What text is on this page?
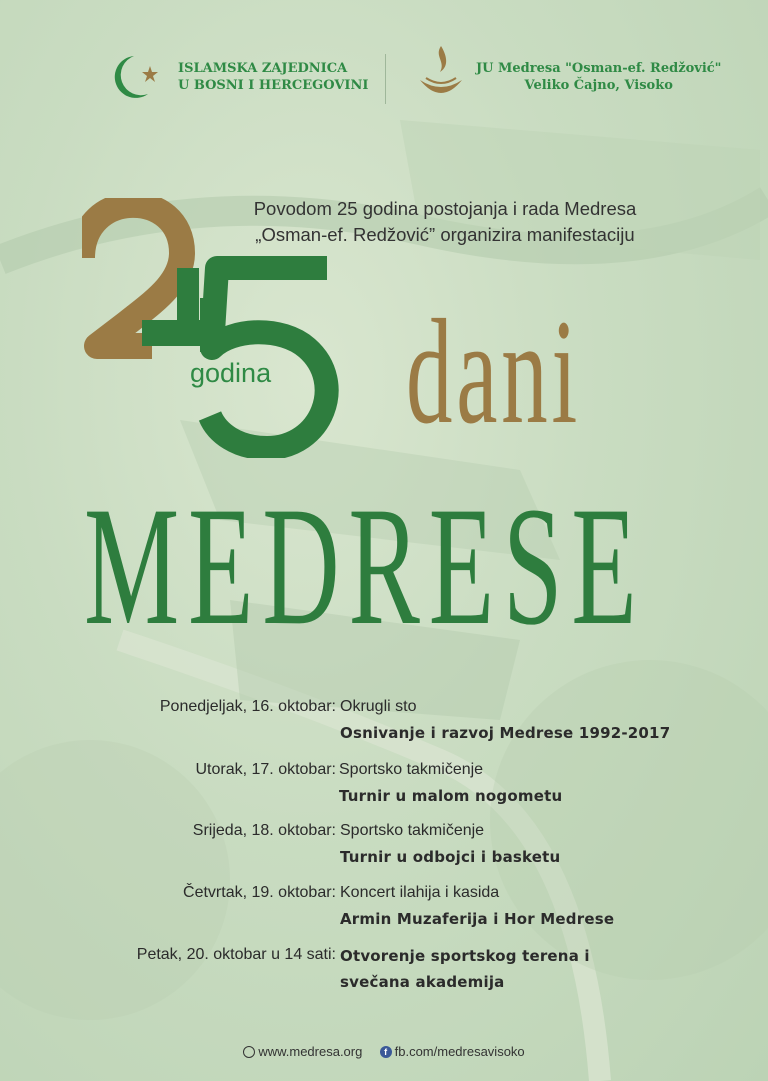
ISLAMSKA ZAJEDNICA
U BOSNI I HERCEGOVINI
JU Medresa "Osman-ef. Redžović"
Veliko Čajno, Visoko
Povodom 25 godina postojanja i rada Medresa
„Osman-ef. Redžović” organizira manifestaciju
godina dani
MEDRESE
Ponedjeljak, 16. oktobar: Okrugli sto
Osnivanje i razvoj Medrese 1992-2017
Utorak, 17. oktobar: Sportsko takmičenje
Turnir u malom nogometu
Srijeda, 18. oktobar: Sportsko takmičenje
Turnir u odbojci i basketu
Četvrtak, 19. oktobar: Koncert ilahija i kasida
Armin Muzaferija i Hor Medrese
Petak, 20. oktobar u 14 sati: Otvorenje sportskog terena i
svečana akademija
www.medresa.org f fb.com/medresavisoko
